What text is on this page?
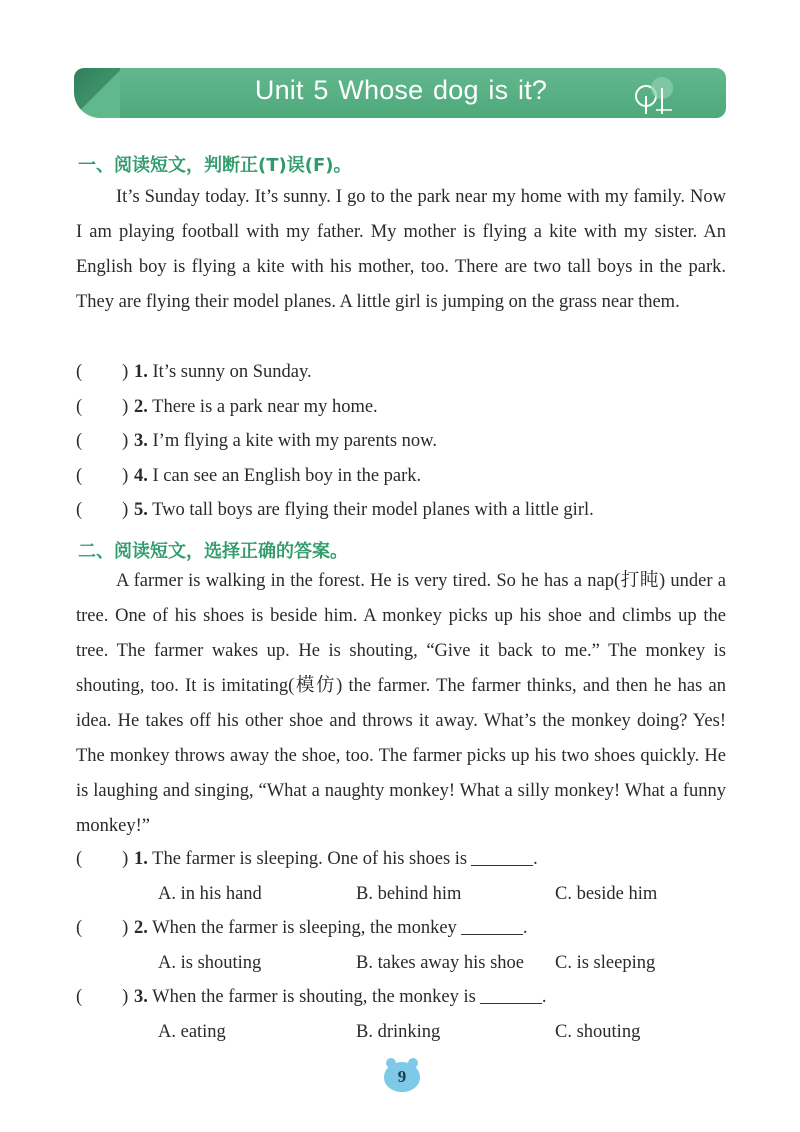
Unit 5 Whose dog is it?
一、阅读短文，判断正(T)误(F)。

It’s Sunday today. It’s sunny. I go to the park near my home with my family. Now I am playing football with my father. My mother is flying a kite with my sister. An English boy is flying a kite with his mother, too. There are two tall boys in the park. They are flying their model planes. A little girl is jumping on the grass near them.

( ) 1. It’s sunny on Sunday.
( ) 2. There is a park near my home.
( ) 3. I’m flying a kite with my parents now.
( ) 4. I can see an English boy in the park.
( ) 5. Two tall boys are flying their model planes with a little girl.
二、阅读短文，选择正确的答案。

A farmer is walking in the forest. He is very tired. So he has a nap(打盹) under a tree. One of his shoes is beside him. A monkey picks up his shoe and climbs up the tree. The farmer wakes up. He is shouting, “Give it back to me.” The monkey is shouting, too. It is imitating(模仿) the farmer. The farmer thinks, and then he has an idea. He takes off his other shoe and throws it away. What’s the monkey doing? Yes! The monkey throws away the shoe, too. The farmer picks up his two shoes quickly. He is laughing and singing, “What a naughty monkey! What a silly monkey! What a funny monkey!”

( ) 1. The farmer is sleeping. One of his shoes is	.
A. in his hand	B. behind him	C. beside him
( ) 2. When the farmer is sleeping, the monkey	.
A. is shouting	B. takes away his shoe C. is sleeping
( ) 3. When the farmer is shouting, the monkey is	.
A. eating	B. drinking	C. shouting
9
